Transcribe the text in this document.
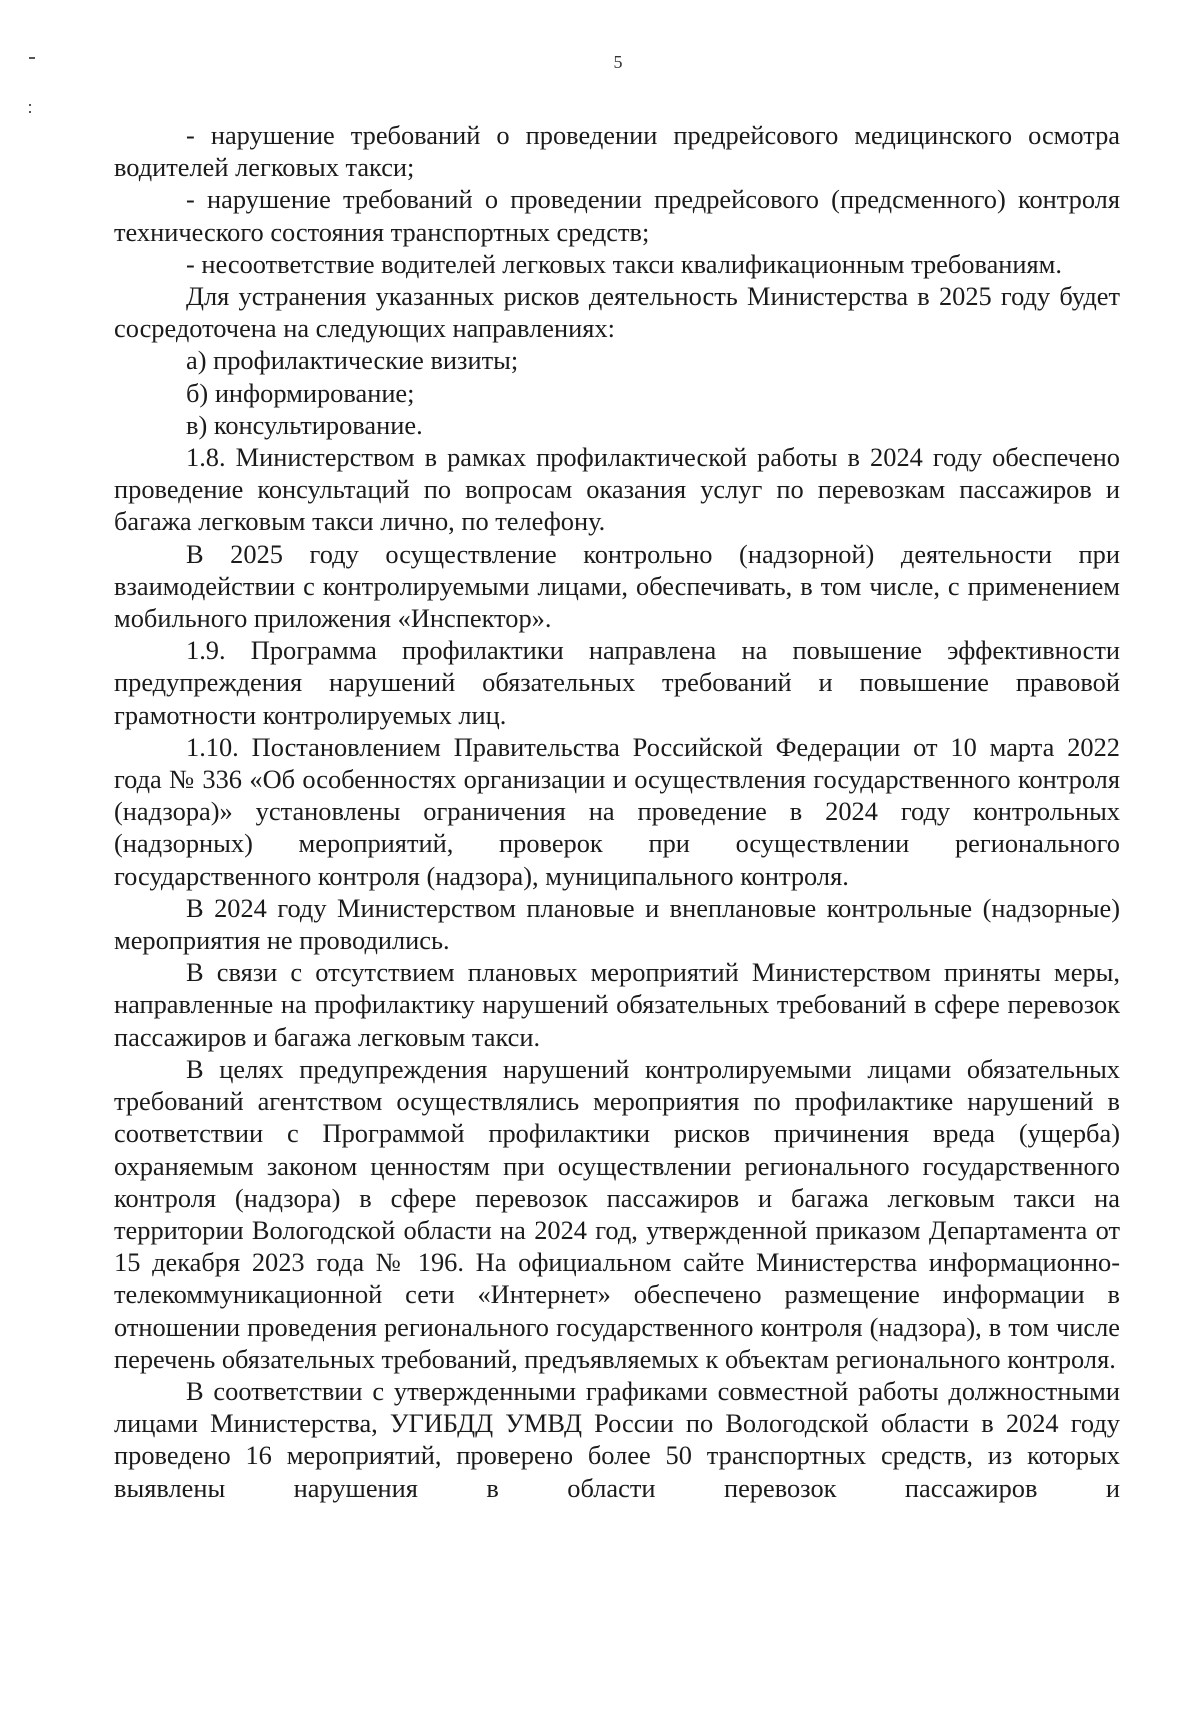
5

- нарушение требований о проведении предрейсового медицинского осмотра водителей легковых такси;

- нарушение требований о проведении предрейсового (предсменного) контроля технического состояния транспортных средств;

- несоответствие водителей легковых такси квалификационным требованиям.

Для устранения указанных рисков деятельность Министерства в 2025 году будет сосредоточена на следующих направлениях:

а) профилактические визиты;

б) информирование;

в) консультирование.

1.8. Министерством в рамках профилактической работы в 2024 году обеспечено проведение консультаций по вопросам оказания услуг по перевозкам пассажиров и багажа легковым такси лично, по телефону.

В 2025 году осуществление контрольно (надзорной) деятельности при взаимодействии с контролируемыми лицами, обеспечивать, в том числе, с применением мобильного приложения «Инспектор».

1.9. Программа профилактики направлена на повышение эффективности предупреждения нарушений обязательных требований и повышение правовой грамотности контролируемых лиц.

1.10. Постановлением Правительства Российской Федерации от 10 марта 2022 года № 336 «Об особенностях организации и осуществления государственного контроля (надзора)» установлены ограничения на проведение в 2024 году контрольных (надзорных) мероприятий, проверок при осуществлении регионального государственного контроля (надзора), муниципального контроля.

В 2024 году Министерством плановые и внеплановые контрольные (надзорные) мероприятия не проводились.

В связи с отсутствием плановых мероприятий Министерством приняты меры, направленные на профилактику нарушений обязательных требований в сфере перевозок пассажиров и багажа легковым такси.

В целях предупреждения нарушений контролируемыми лицами обязательных требований агентством осуществлялись мероприятия по профилактике нарушений в соответствии с Программой профилактики рисков причинения вреда (ущерба) охраняемым законом ценностям при осуществлении регионального государственного контроля (надзора) в сфере перевозок пассажиров и багажа легковым такси на территории Вологодской области на 2024 год, утвержденной приказом Департамента от 15 декабря 2023 года № 196. На официальном сайте Министерства информационно-телекоммуникационной сети «Интернет» обеспечено размещение информации в отношении проведения регионального государственного контроля (надзора), в том числе перечень обязательных требований, предъявляемых к объектам регионального контроля.

В соответствии с утвержденными графиками совместной работы должностными лицами Министерства, УГИБДД УМВД России по Вологодской области в 2024 году проведено 16 мероприятий, проверено более 50 транспортных средств, из которых выявлены нарушения в области перевозок пассажиров и
